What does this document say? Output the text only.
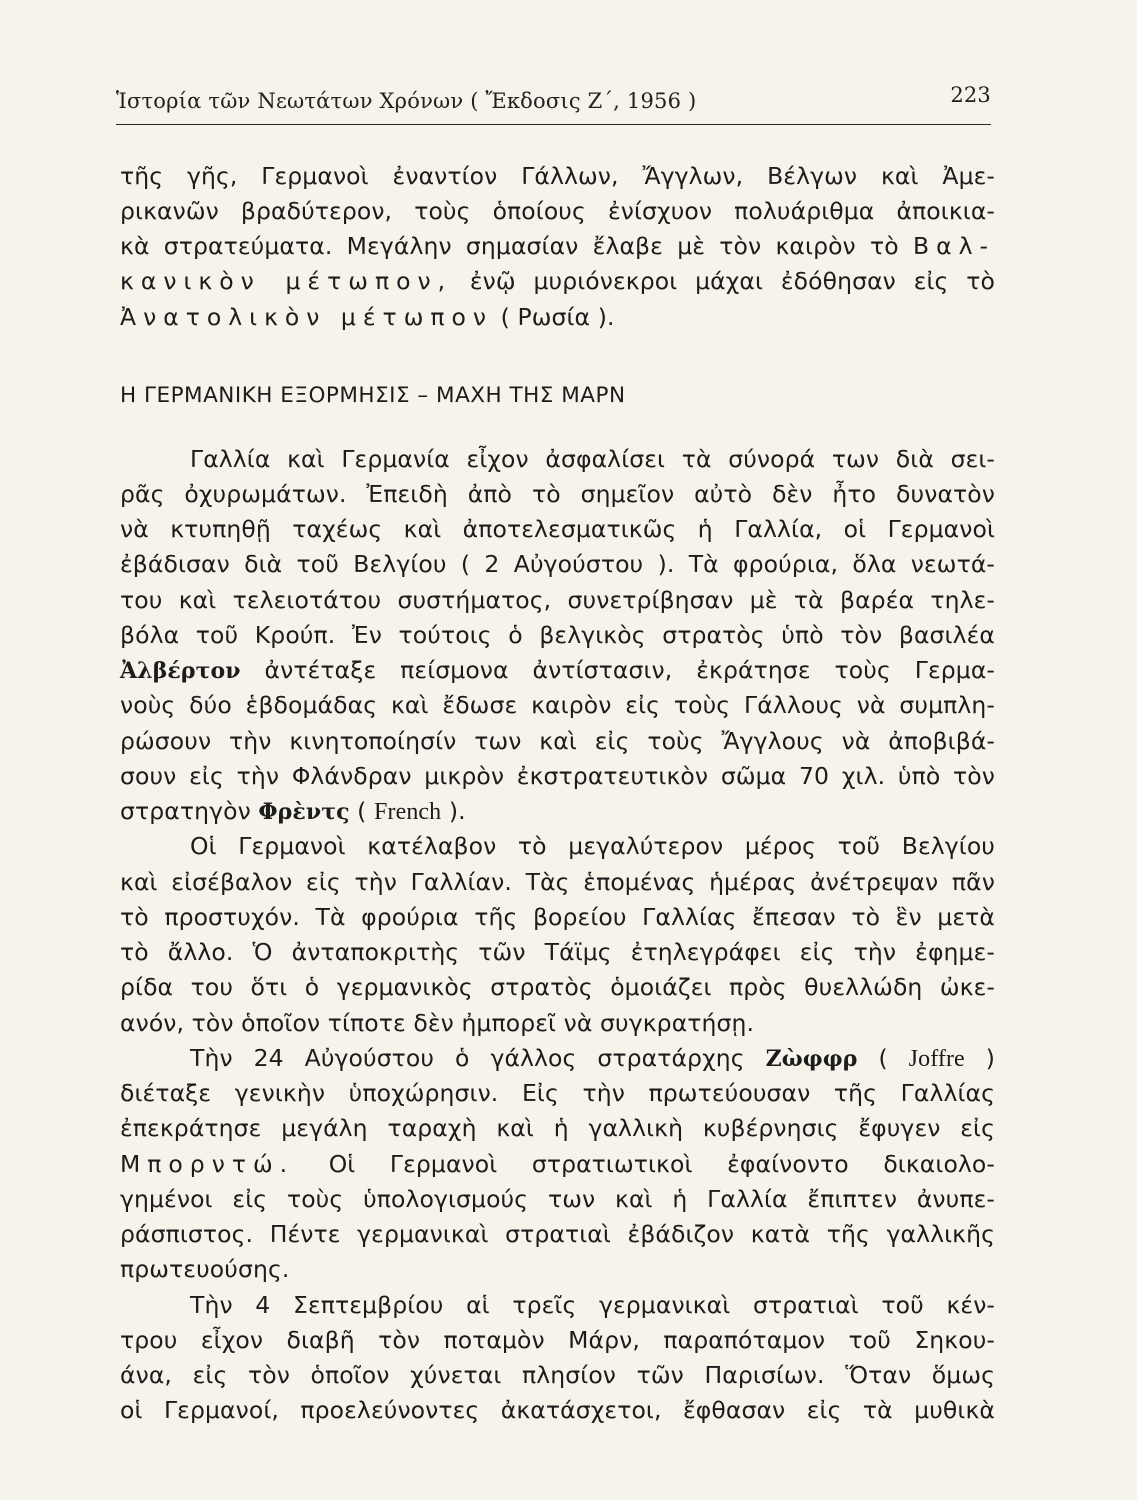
Ἱστορία τῶν Νεωτάτων Χρόνων ( Ἔκδοσις Ζ΄, 1956 )	223
τῆς γῆς, Γερμανοὶ ἐναντίον Γάλλων, Ἄγγλων, Βέλγων καὶ Ἀμε-
ρικανῶν βραδύτερον, τοὺς ὁποίους ἐνίσχυον πολυάριθμα ἀποικια-
κὰ στρατεύματα. Μεγάλην σημασίαν ἔλαβε μὲ τὸν καιρὸν τὸ Βαλ-
κανικὸν μέτωπον, ἐνῷ μυριόνεκροι μάχαι ἐδόθησαν εἰς τὸ
Ἀνατολικὸν μέτωπον ( Ρωσία ).
Η ΓΕΡΜΑΝΙΚΗ ΕΞΟΡΜΗΣΙΣ – ΜΑΧΗ ΤΗΣ ΜΑΡΝ
Γαλλία καὶ Γερμανία εἶχον ἀσφαλίσει τὰ σύνορά των διὰ σει-
ρᾶς ὀχυρωμάτων. Ἐπειδὴ ἀπὸ τὸ σημεῖον αὐτὸ δὲν ἦτο δυνατὸν
νὰ κτυπηθῇ ταχέως καὶ ἀποτελεσματικῶς ἡ Γαλλία, οἱ Γερμανοὶ
ἐβάδισαν διὰ τοῦ Βελγίου ( 2 Αὐγούστου ). Τὰ φρούρια, ὅλα νεωτά-
του καὶ τελειοτάτου συστήματος, συνετρίβησαν μὲ τὰ βαρέα τηλε-
βόλα τοῦ Κρούπ. Ἐν τούτοις ὁ βελγικὸς στρατὸς ὑπὸ τὸν βασιλέα
Ἀλβέρτον ἀντέταξε πείσμονα ἀντίστασιν, ἐκράτησε τοὺς Γερμα-
νοὺς δύο ἑβδομάδας καὶ ἔδωσε καιρὸν εἰς τοὺς Γάλλους νὰ συμπλη-
ρώσουν τὴν κινητοποίησίν των καὶ εἰς τοὺς Ἄγγλους νὰ ἀποβιβά-
σουν εἰς τὴν Φλάνδραν μικρὸν ἐκστρατευτικὸν σῶμα 70 χιλ. ὑπὸ τὸν
στρατηγὸν Φρὲντς ( French ).
Οἱ Γερμανοὶ κατέλαβον τὸ μεγαλύτερον μέρος τοῦ Βελγίου
καὶ εἰσέβαλον εἰς τὴν Γαλλίαν. Τὰς ἑπομένας ἡμέρας ἀνέτρεψαν πᾶν
τὸ προστυχόν. Τὰ φρούρια τῆς βορείου Γαλλίας ἔπεσαν τὸ ἓν μετὰ
τὸ ἄλλο. Ὁ ἀνταποκριτὴς τῶν Τάϊμς ἐτηλεγράφει εἰς τὴν ἐφημε-
ρίδα του ὅτι ὁ γερμανικὸς στρατὸς ὁμοιάζει πρὸς θυελλώδη ὠκε-
ανόν, τὸν ὁποῖον τίποτε δὲν ἠμπορεῖ νὰ συγκρατήσῃ.
Τὴν 24 Αὐγούστου ὁ γάλλος στρατάρχης Ζὼφφρ ( Joffre )
διέταξε γενικὴν ὑποχώρησιν. Εἰς τὴν πρωτεύουσαν τῆς Γαλλίας
ἐπεκράτησε μεγάλη ταραχὴ καὶ ἡ γαλλικὴ κυβέρνησις ἔφυγεν εἰς
Μπορντώ. Οἱ Γερμανοὶ στρατιωτικοὶ ἐφαίνοντο δικαιολο-
γημένοι εἰς τοὺς ὑπολογισμούς των καὶ ἡ Γαλλία ἔπιπτεν ἀνυπε-
ράσπιστος. Πέντε γερμανικαὶ στρατιαὶ ἐβάδιζον κατὰ τῆς γαλλικῆς
πρωτευούσης.
Τὴν 4 Σεπτεμβρίου αἱ τρεῖς γερμανικαὶ στρατιαὶ τοῦ κέν-
τρου εἶχον διαβῆ τὸν ποταμὸν Μάρν, παραπόταμον τοῦ Σηκου-
άνα, εἰς τὸν ὁποῖον χύνεται πλησίον τῶν Παρισίων. Ὅταν ὅμως
οἱ Γερμανοί, προελεύνοντες ἀκατάσχετοι, ἔφθασαν εἰς τὰ μυθικὰ
